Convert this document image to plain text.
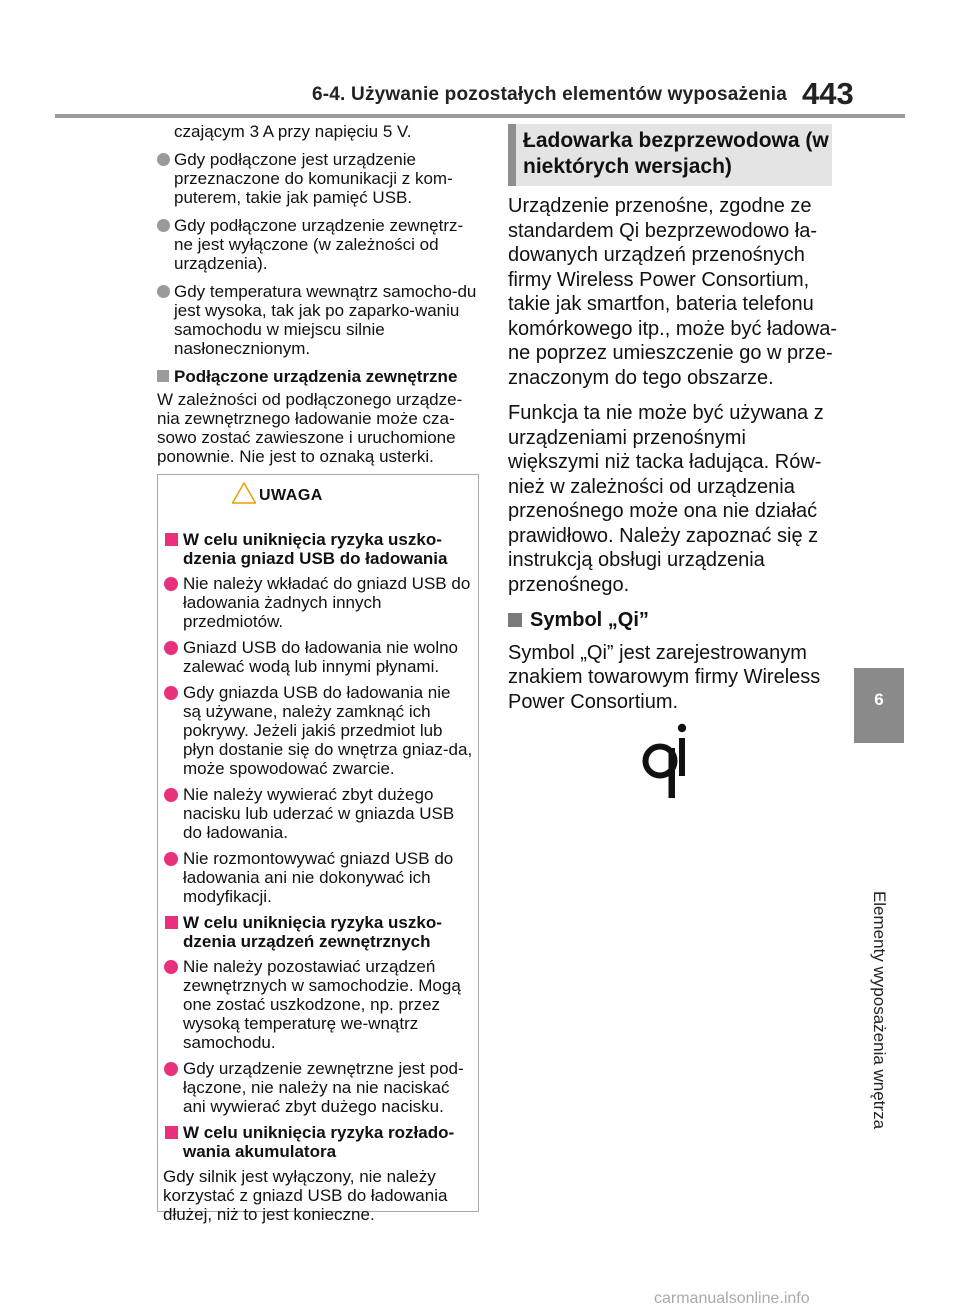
6-4. Używanie pozostałych elementów wyposażenia 443
6
Elementy wyposażenia wnętrza

czającym 3 A przy napięciu 5 V.

Gdy podłączone jest urządzenie przeznaczone do komunikacji z kom-puterem, takie jak pamięć USB.

Gdy podłączone urządzenie zewnętrz-ne jest wyłączone (w zależności od urządzenia).

Gdy temperatura wewnątrz samocho-du jest wysoka, tak jak po zaparko-waniu samochodu w miejscu silnie nasłonecznionym.

Podłączone urządzenia zewnętrzne

W zależności od podłączonego urządze-nia zewnętrznego ładowanie może cza-sowo zostać zawieszone i uruchomione ponownie. Nie jest to oznaką usterki.

UWAGA

W celu uniknięcia ryzyka uszko-dzenia gniazd USB do ładowania

Nie należy wkładać do gniazd USB do ładowania żadnych innych przedmiotów.

Gniazd USB do ładowania nie wolno zalewać wodą lub innymi płynami.

Gdy gniazda USB do ładowania nie są używane, należy zamknąć ich pokrywy. Jeżeli jakiś przedmiot lub płyn dostanie się do wnętrza gniaz-da, może spowodować zwarcie.

Nie należy wywierać zbyt dużego nacisku lub uderzać w gniazda USB do ładowania.

Nie rozmontowywać gniazd USB do ładowania ani nie dokonywać ich modyfikacji.

W celu uniknięcia ryzyka uszko-dzenia urządzeń zewnętrznych

Nie należy pozostawiać urządzeń zewnętrznych w samochodzie. Mogą one zostać uszkodzone, np. przez wysoką temperaturę we-wnątrz samochodu.

Gdy urządzenie zewnętrzne jest pod-łączone, nie należy na nie naciskać ani wywierać zbyt dużego nacisku.

W celu uniknięcia ryzyka rozłado-wania akumulatora

Gdy silnik jest wyłączony, nie należy korzystać z gniazd USB do ładowania dłużej, niż to jest konieczne.

Ładowarka bezprzewodowa (w niektórych wersjach)

Urządzenie przenośne, zgodne ze standardem Qi bezprzewodowo ła-dowanych urządzeń przenośnych firmy Wireless Power Consortium, takie jak smartfon, bateria telefonu komórkowego itp., może być ładowa-ne poprzez umieszczenie go w prze-znaczonym do tego obszarze.

Funkcja ta nie może być używana z urządzeniami przenośnymi większymi niż tacka ładująca. Rów-nież w zależności od urządzenia przenośnego może ona nie działać prawidłowo. Należy zapoznać się z instrukcją obsługi urządzenia przenośnego.

Symbol „Qi”

Symbol „Qi” jest zarejestrowanym znakiem towarowym firmy Wireless Power Consortium.

carmanualsonline.info
